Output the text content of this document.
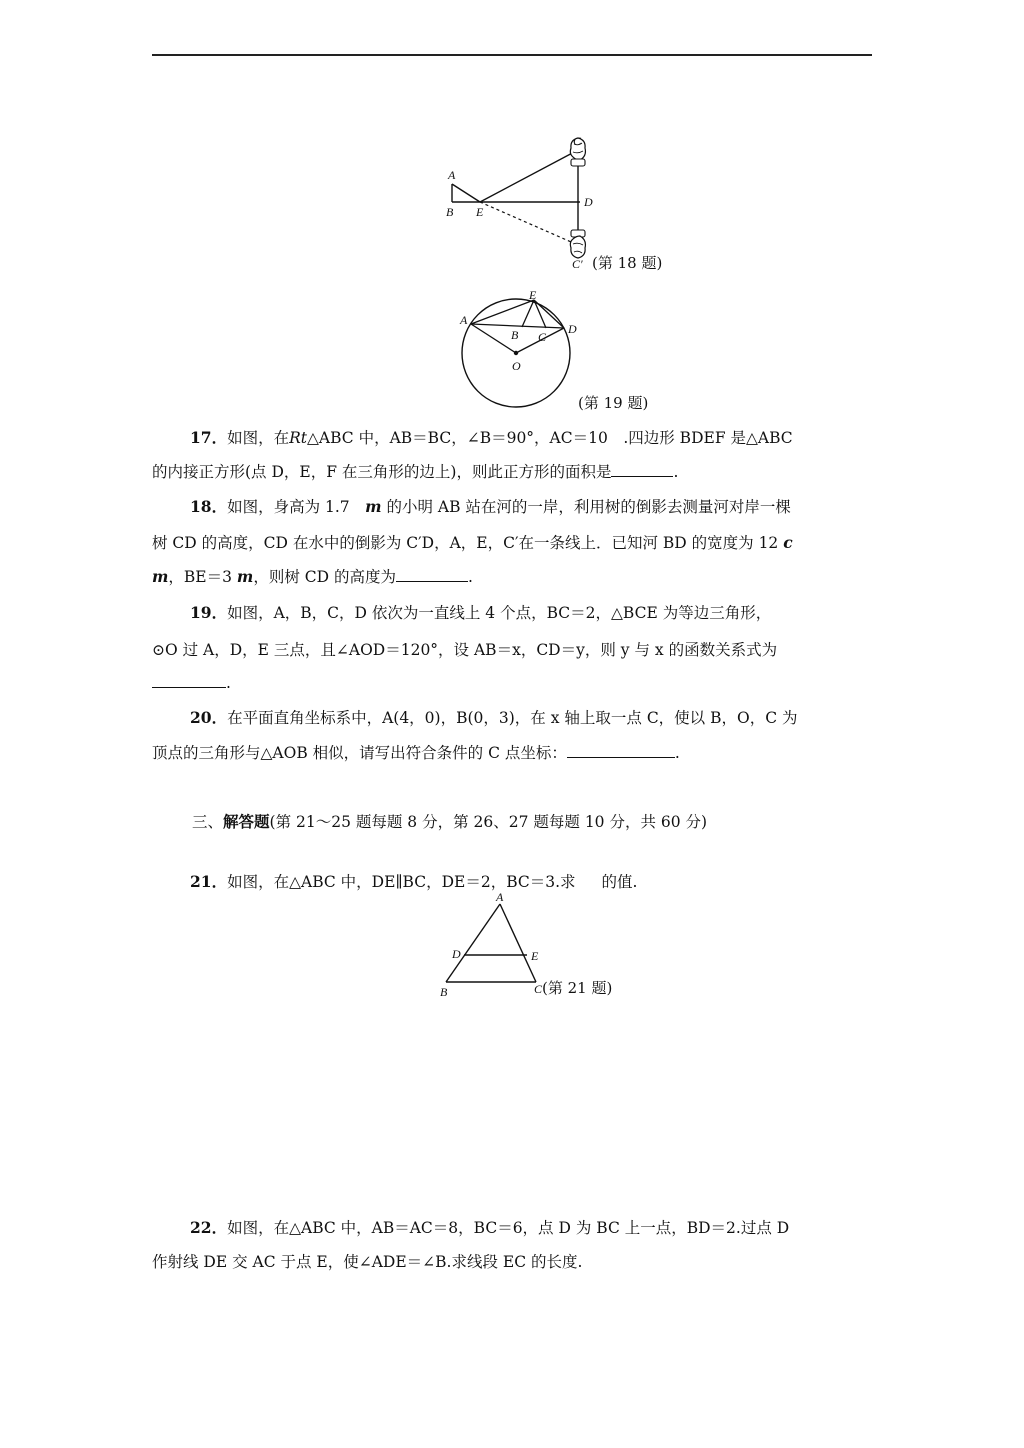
A
B E
C
D
C′ (第 18 题)
A
B C
D
E
O
(第 19 题)
17．如图，在Rt△ABC 中，AB＝BC，∠B＝90°，AC＝10　.四边形 BDEF 是△ABC
的内接正方形(点 D，E，F 在三角形的边上)，则此正方形的面积是	.
18．如图，身高为 1.7　m 的小明 AB 站在河的一岸，利用树的倒影去测量河对岸一棵
树 CD 的高度，CD 在水中的倒影为 C′D，A，E，C′在一条线上．已知河 BD 的宽度为 12 c
m，BE＝3 m，则树 CD 的高度为	.
19．如图，A，B，C，D 依次为一直线上 4 个点，BC＝2，△BCE 为等边三角形，
⊙O 过 A，D，E 三点，且∠AOD＝120°，设 AB＝x，CD＝y，则 y 与 x 的函数关系式为
.
20．在平面直角坐标系中，A(4，0)，B(0，3)，在 x 轴上取一点 C，使以 B，O，C 为
顶点的三角形与△AOB 相似，请写出符合条件的 C 点坐标：	.
三、解答题(第 21～25 题每题 8 分，第 26、27 题每题 10 分，共 60 分)
21．如图，在△ABC 中，DE∥BC，DE＝2，BC＝3.求 的值.
A
D	E
B	C (第 21 题)
22．如图，在△ABC 中，AB＝AC＝8，BC＝6，点 D 为 BC 上一点，BD＝2.过点 D
作射线 DE 交 AC 于点 E，使∠ADE＝∠B.求线段 EC 的长度.
